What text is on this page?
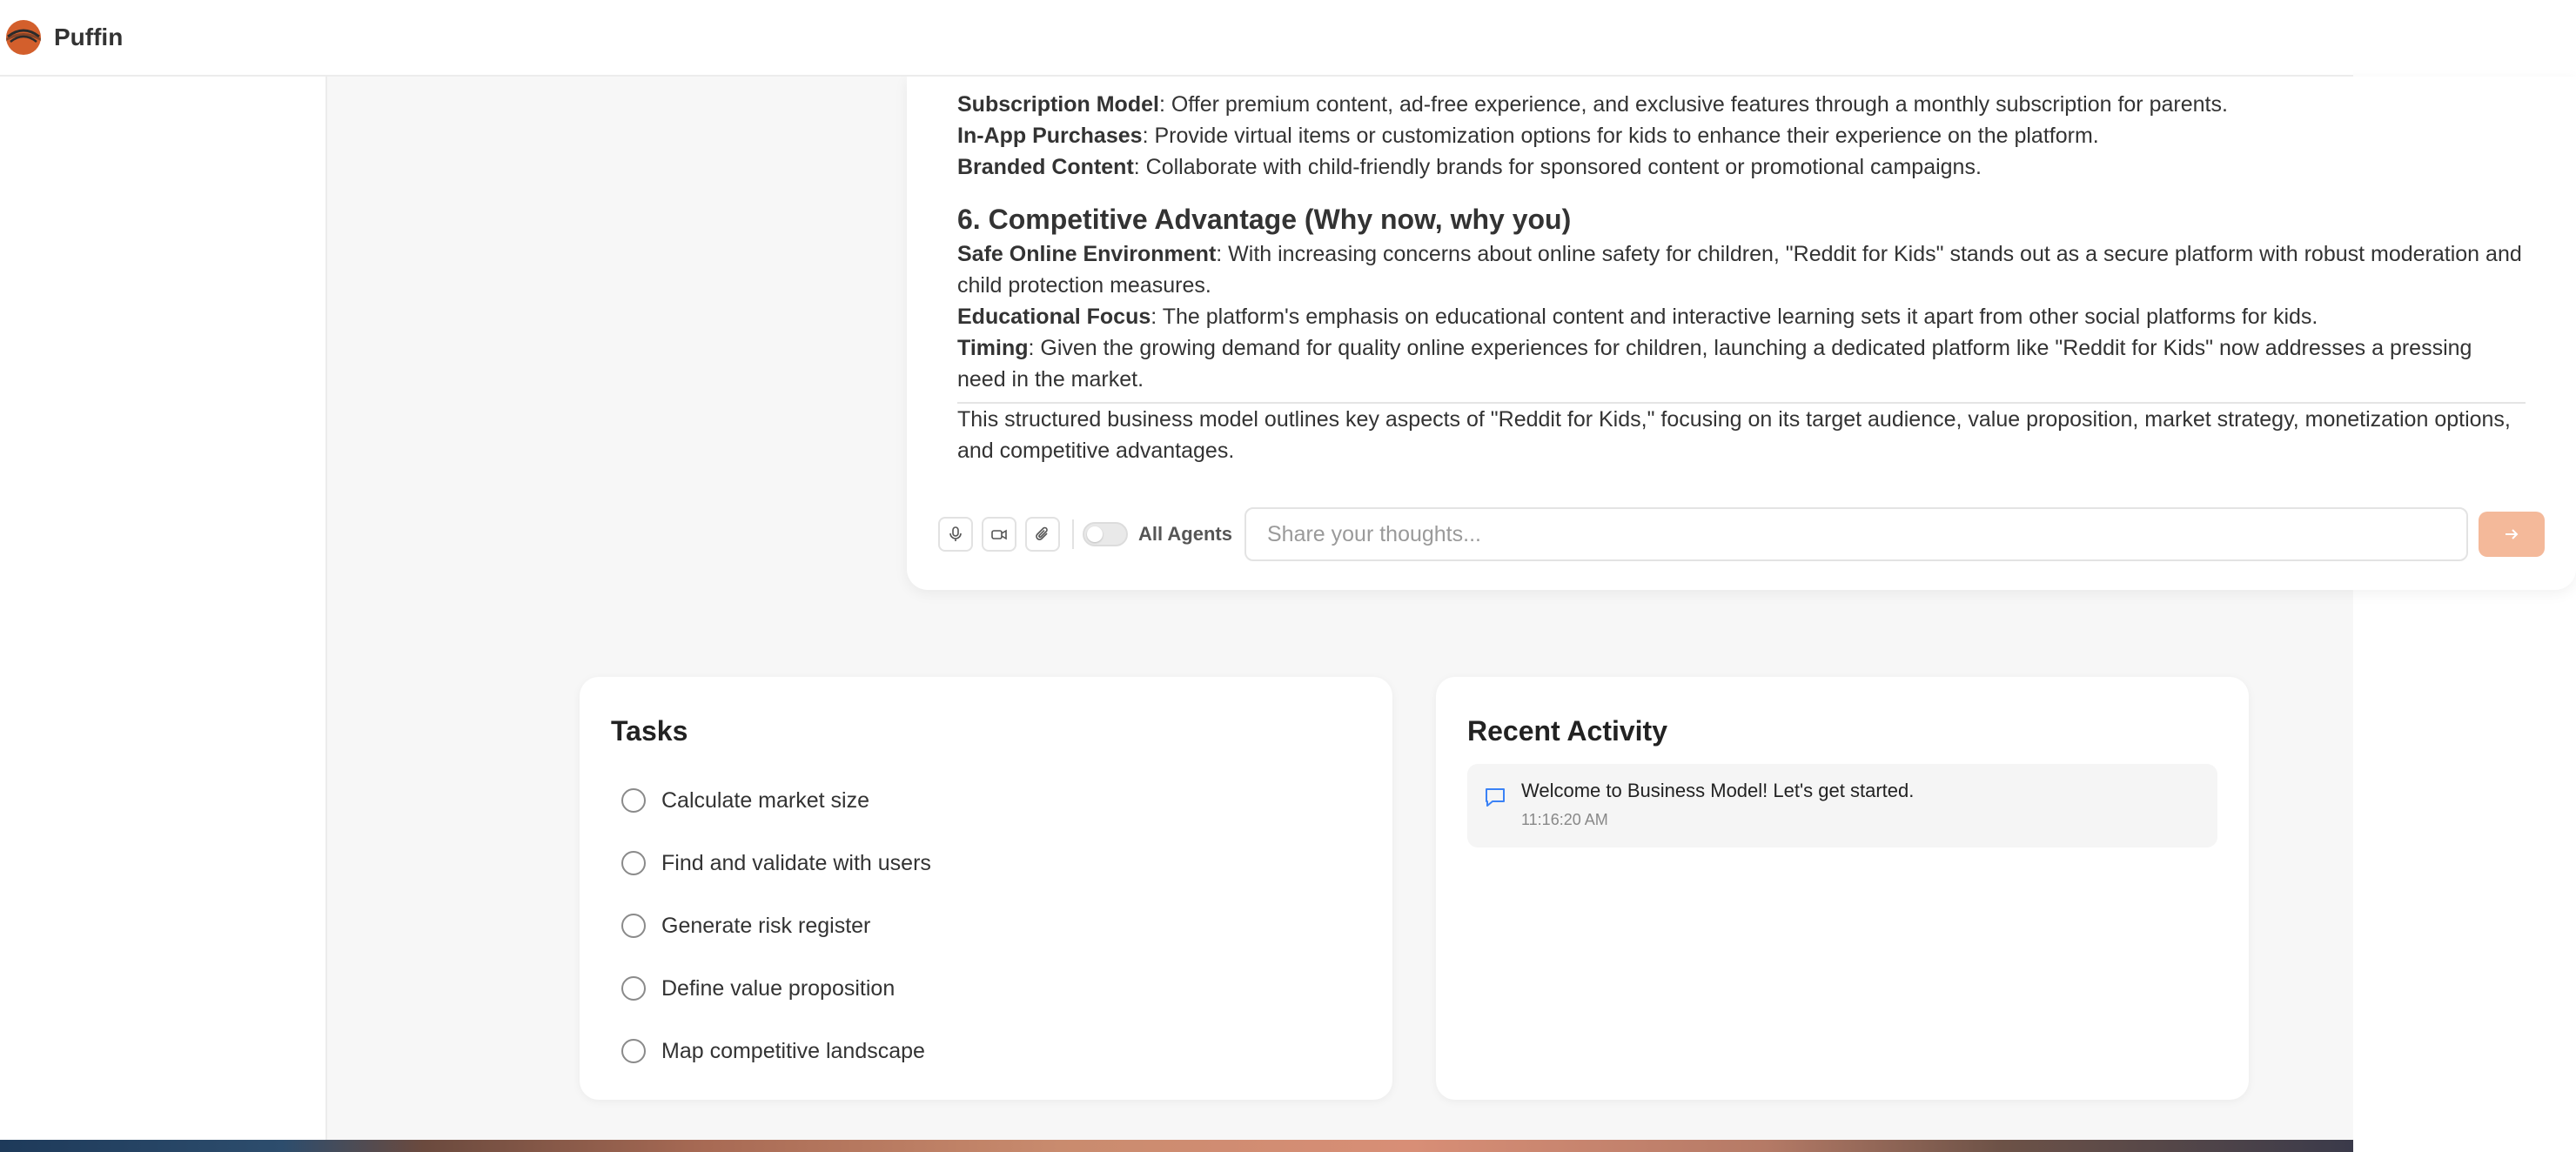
Puffin
Subscription Model: Offer premium content, ad-free experience, and exclusive features through a monthly subscription for parents.
In-App Purchases: Provide virtual items or customization options for kids to enhance their experience on the platform.
Branded Content: Collaborate with child-friendly brands for sponsored content or promotional campaigns.
6. Competitive Advantage (Why now, why you)
Safe Online Environment: With increasing concerns about online safety for children, "Reddit for Kids" stands out as a secure platform with robust moderation and child protection measures.
Educational Focus: The platform's emphasis on educational content and interactive learning sets it apart from other social platforms for kids.
Timing: Given the growing demand for quality online experiences for children, launching a dedicated platform like "Reddit for Kids" now addresses a pressing need in the market.
This structured business model outlines key aspects of "Reddit for Kids," focusing on its target audience, value proposition, market strategy, monetization options, and competitive advantages.
All Agents
Share your thoughts...
Tasks
Calculate market size
Find and validate with users
Generate risk register
Define value proposition
Map competitive landscape
Recent Activity
Welcome to Business Model! Let's get started.
11:16:20 AM
